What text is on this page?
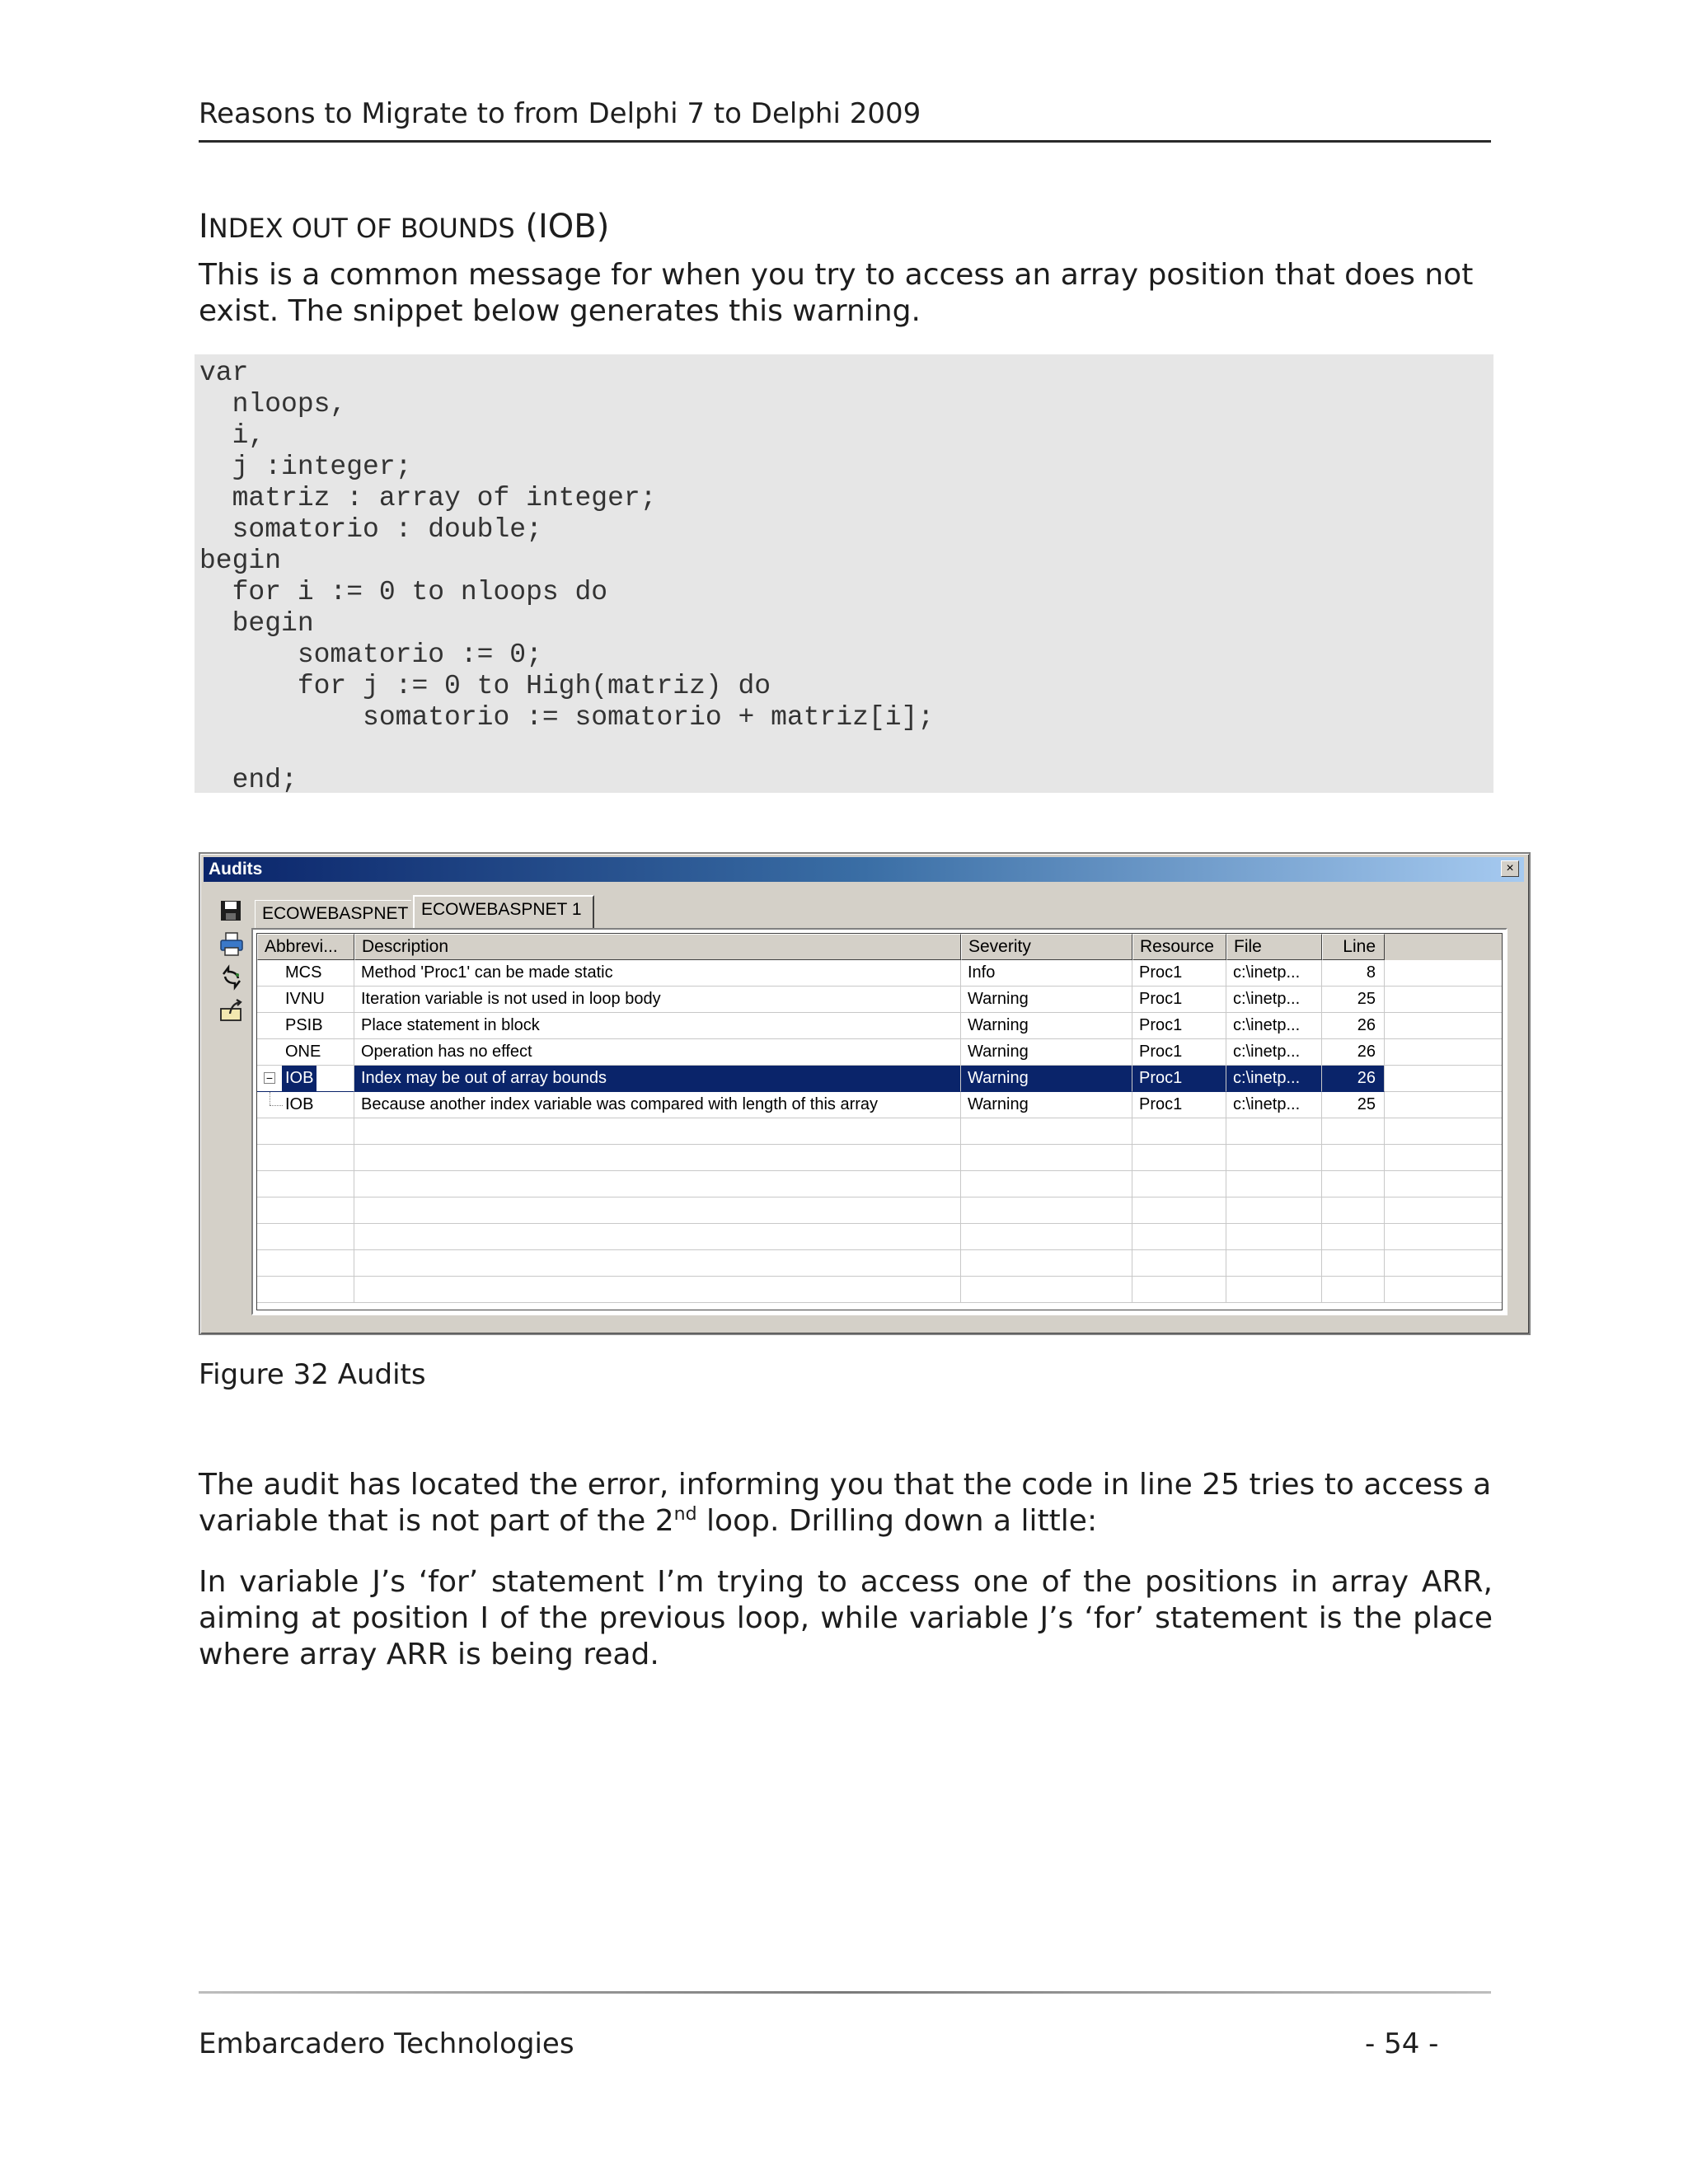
Reasons to Migrate to from Delphi 7 to Delphi 2009
INDEX OUT OF BOUNDS (IOB)
This is a common message for when you try to access an array position that does not exist. The snippet below generates this warning.
var
nloops,
i,
j :integer;
matriz : array of integer;
somatorio : double;
begin
for i := 0 to nloops do
begin
somatorio := 0;
for j := 0 to High(matriz) do
somatorio := somatorio + matriz[i];

end;
Audits	×
ECOWEBASPNET ECOWEBASPNET 1
Abbrevi...	Description	Severity	Resource	File	Line
MCS	Method 'Proc1' can be made static	Info	Proc1	c:\inetp...	8
IVNU	Iteration variable is not used in loop body	Warning	Proc1	c:\inetp...	25
PSIB	Place statement in block	Warning	Proc1	c:\inetp...	26
ONE	Operation has no effect	Warning	Proc1	c:\inetp...	26
− IOB	Index may be out of array bounds	Warning	Proc1	c:\inetp...	26
IOB	Because another index variable was compared with length of this array	Warning	Proc1	c:\inetp...	25
Figure 32 Audits
The audit has located the error, informing you that the code in line 25 tries to access a variable that is not part of the 2nd loop. Drilling down a little:
In variable J’s ‘for’ statement I’m trying to access one of the positions in array ARR, aiming at position I of the previous loop, while variable J’s ‘for’ statement is the place where array ARR is being read.
Embarcadero Technologies	- 54 -
